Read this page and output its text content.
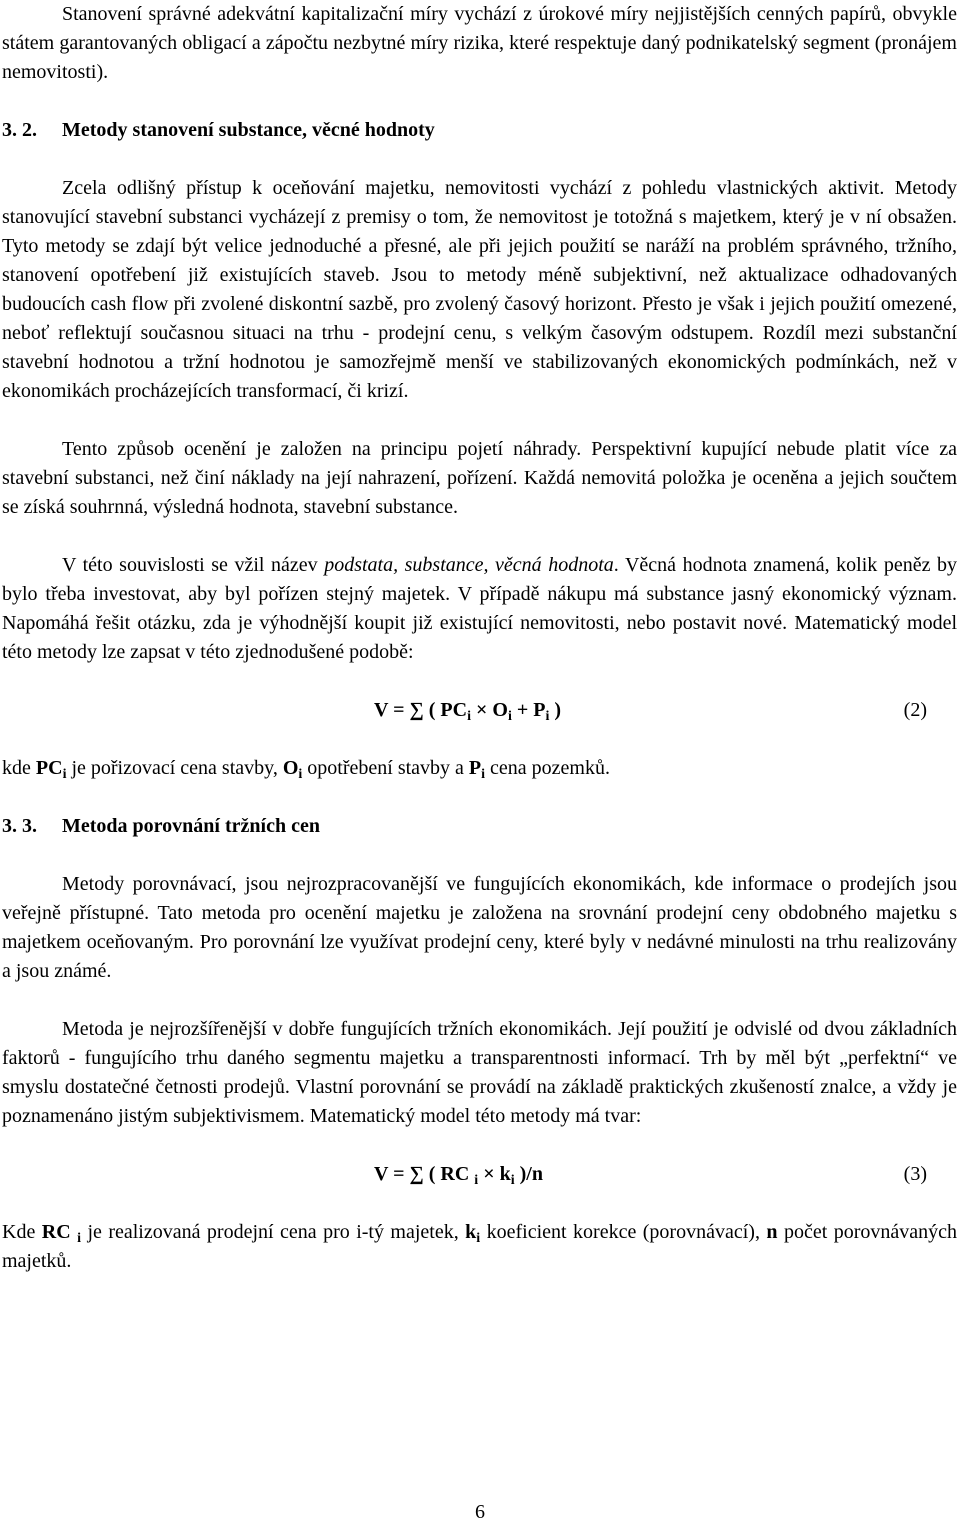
Stanovení správné adekvátní kapitalizační míry vychází z úrokové míry nejjistějších cenných papírů, obvykle státem garantovaných obligací a zápočtu nezbytné míry rizika, které respektuje daný podnikatelský segment (pronájem nemovitosti).

3. 2. Metody stanovení substance, věcné hodnoty

Zcela odlišný přístup k oceňování majetku, nemovitosti vychází z pohledu vlastnických aktivit. Metody stanovující stavební substanci vycházejí z premisy o tom, že nemovitost je totožná s majetkem, který je v ní obsažen. Tyto metody se zdají být velice jednoduché a přesné, ale při jejich použití se naráží na problém správného, tržního, stanovení opotřebení již existujících staveb. Jsou to metody méně subjektivní, než aktualizace odhadovaných budoucích cash flow při zvolené diskontní sazbě, pro zvolený časový horizont. Přesto je však i jejich použití omezené, neboť reflektují současnou situaci na trhu - prodejní cenu, s velkým časovým odstupem. Rozdíl mezi substanční stavební hodnotou a tržní hodnotou je samozřejmě menší ve stabilizovaných ekonomických podmínkách, než v ekonomikách procházejících transformací, či krizí.

Tento způsob ocenění je založen na principu pojetí náhrady. Perspektivní kupující nebude platit více za stavební substanci, než činí náklady na její nahrazení, pořízení. Každá nemovitá položka je oceněna a jejich součtem se získá souhrnná, výsledná hodnota, stavební substance.

V této souvislosti se vžil název podstata, substance, věcná hodnota. Věcná hodnota znamená, kolik peněz by bylo třeba investovat, aby byl pořízen stejný majetek. V případě nákupu má substance jasný ekonomický význam. Napomáhá řešit otázku, zda je výhodnější koupit již existující nemovitosti, nebo postavit nové. Matematický model této metody lze zapsat v této zjednodušené podobě:

V = ∑ ( $PC_i \times O_i + P_i$ )	(2)

kde $PC_i$ je pořizovací cena stavby, $O_i$ opotřebení stavby a $P_i$ cena pozemků.

3. 3. Metoda porovnání tržních cen

Metody porovnávací, jsou nejrozpracovanější ve fungujících ekonomikách, kde informace o prodejích jsou veřejně přístupné. Tato metoda pro ocenění majetku je založena na srovnání prodejní ceny obdobného majetku s majetkem oceňovaným. Pro porovnání lze využívat prodejní ceny, které byly v nedávné minulosti na trhu realizovány a jsou známé.

Metoda je nejrozšířenější v dobře fungujících tržních ekonomikách. Její použití je odvislé od dvou základních faktorů - fungujícího trhu daného segmentu majetku a transparentnosti informací. Trh by měl být „perfektní“ ve smyslu dostatečné četnosti prodejů. Vlastní porovnání se provádí na základě praktických zkušeností znalce, a vždy je poznamenáno jistým subjektivismem. Matematický model této metody má tvar:

V = ∑ ( RC $_i \times k_i$ )/n	(3)

Kde RC $_i$ je realizovaná prodejní cena pro i-tý majetek, $k_i$ koeficient korekce (porovnávací), n počet porovnávaných majetků.

6
